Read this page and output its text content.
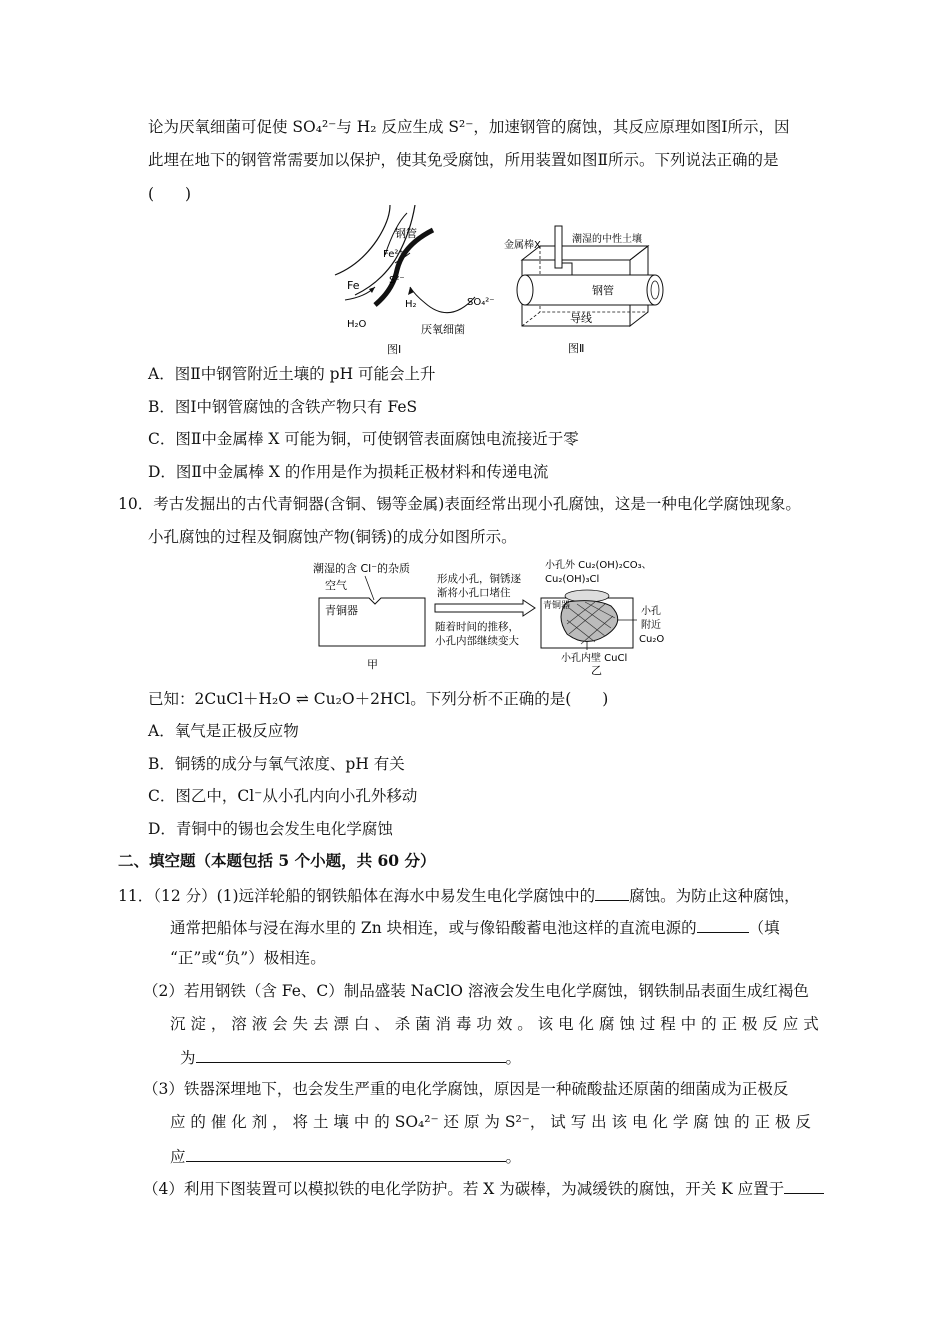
论为厌氧细菌可促使 SO₄²⁻与 H₂ 反应生成 S²⁻，加速钢管的腐蚀，其反应原理如图Ⅰ所示，因
此埋在地下的钢管常需要加以保护，使其免受腐蚀，所用装置如图Ⅱ所示。下列说法正确的是
(　　)
钢管
Fe²⁺
S²⁻
Fe
H₂	SO₄²⁻
H₂O	厌氧细菌
图Ⅰ
金属棒X
潮湿的中性土壤
钢管
导线
图Ⅱ
A．图Ⅱ中钢管附近土壤的 pH 可能会上升
B．图Ⅰ中钢管腐蚀的含铁产物只有 FeS
C．图Ⅱ中金属棒 X 可能为铜，可使钢管表面腐蚀电流接近于零
D．图Ⅱ中金属棒 X 的作用是作为损耗正极材料和传递电流
10．考古发掘出的古代青铜器(含铜、锡等金属)表面经常出现小孔腐蚀，这是一种电化学腐蚀现象。
小孔腐蚀的过程及铜腐蚀产物(铜锈)的成分如图所示。
潮湿的含 Cl⁻的杂质
空气
青铜器
甲
形成小孔，铜锈逐
渐将小孔口堵住
随着时间的推移，
小孔内部继续变大
小孔外 Cu₂(OH)₂CO₃、
Cu₂(OH)₃Cl
青铜器	小孔
附近
Cu₂O
小孔内壁 CuCl
乙
已知：2CuCl＋H₂O ⇌ Cu₂O＋2HCl。下列分析不正确的是(　　)
A．氧气是正极反应物
B．铜锈的成分与氧气浓度、pH 有关
C．图乙中，Cl⁻从小孔内向小孔外移动
D．青铜中的锡也会发生电化学腐蚀
二、填空题（本题包括 5 个小题，共 60 分）
11．（12 分）(1)远洋轮船的钢铁船体在海水中易发生电化学腐蚀中的 腐蚀。为防止这种腐蚀，
通常把船体与浸在海水里的 Zn 块相连，或与像铅酸蓄电池这样的直流电源的	（填
“正”或“负”）极相连。
（2）若用钢铁（含 Fe、C）制品盛装 NaClO 溶液会发生电化学腐蚀，钢铁制品表面生成红褐色
沉 淀 ， 溶 液 会 失 去 漂 白 、 杀 菌 消 毒 功 效 。 该 电 化 腐 蚀 过 程 中 的 正 极 反 应 式
为	。
（3）铁器深埋地下，也会发生严重的电化学腐蚀，原因是一种硫酸盐还原菌的细菌成为正极反
应 的 催 化 剂 ， 将 土 壤 中 的 SO₄²⁻ 还 原 为 S²⁻， 试 写 出 该 电 化 学 腐 蚀 的 正 极 反
应	。
（4）利用下图装置可以模拟铁的电化学防护。若 X 为碳棒，为减缓铁的腐蚀，开关 K 应置于
